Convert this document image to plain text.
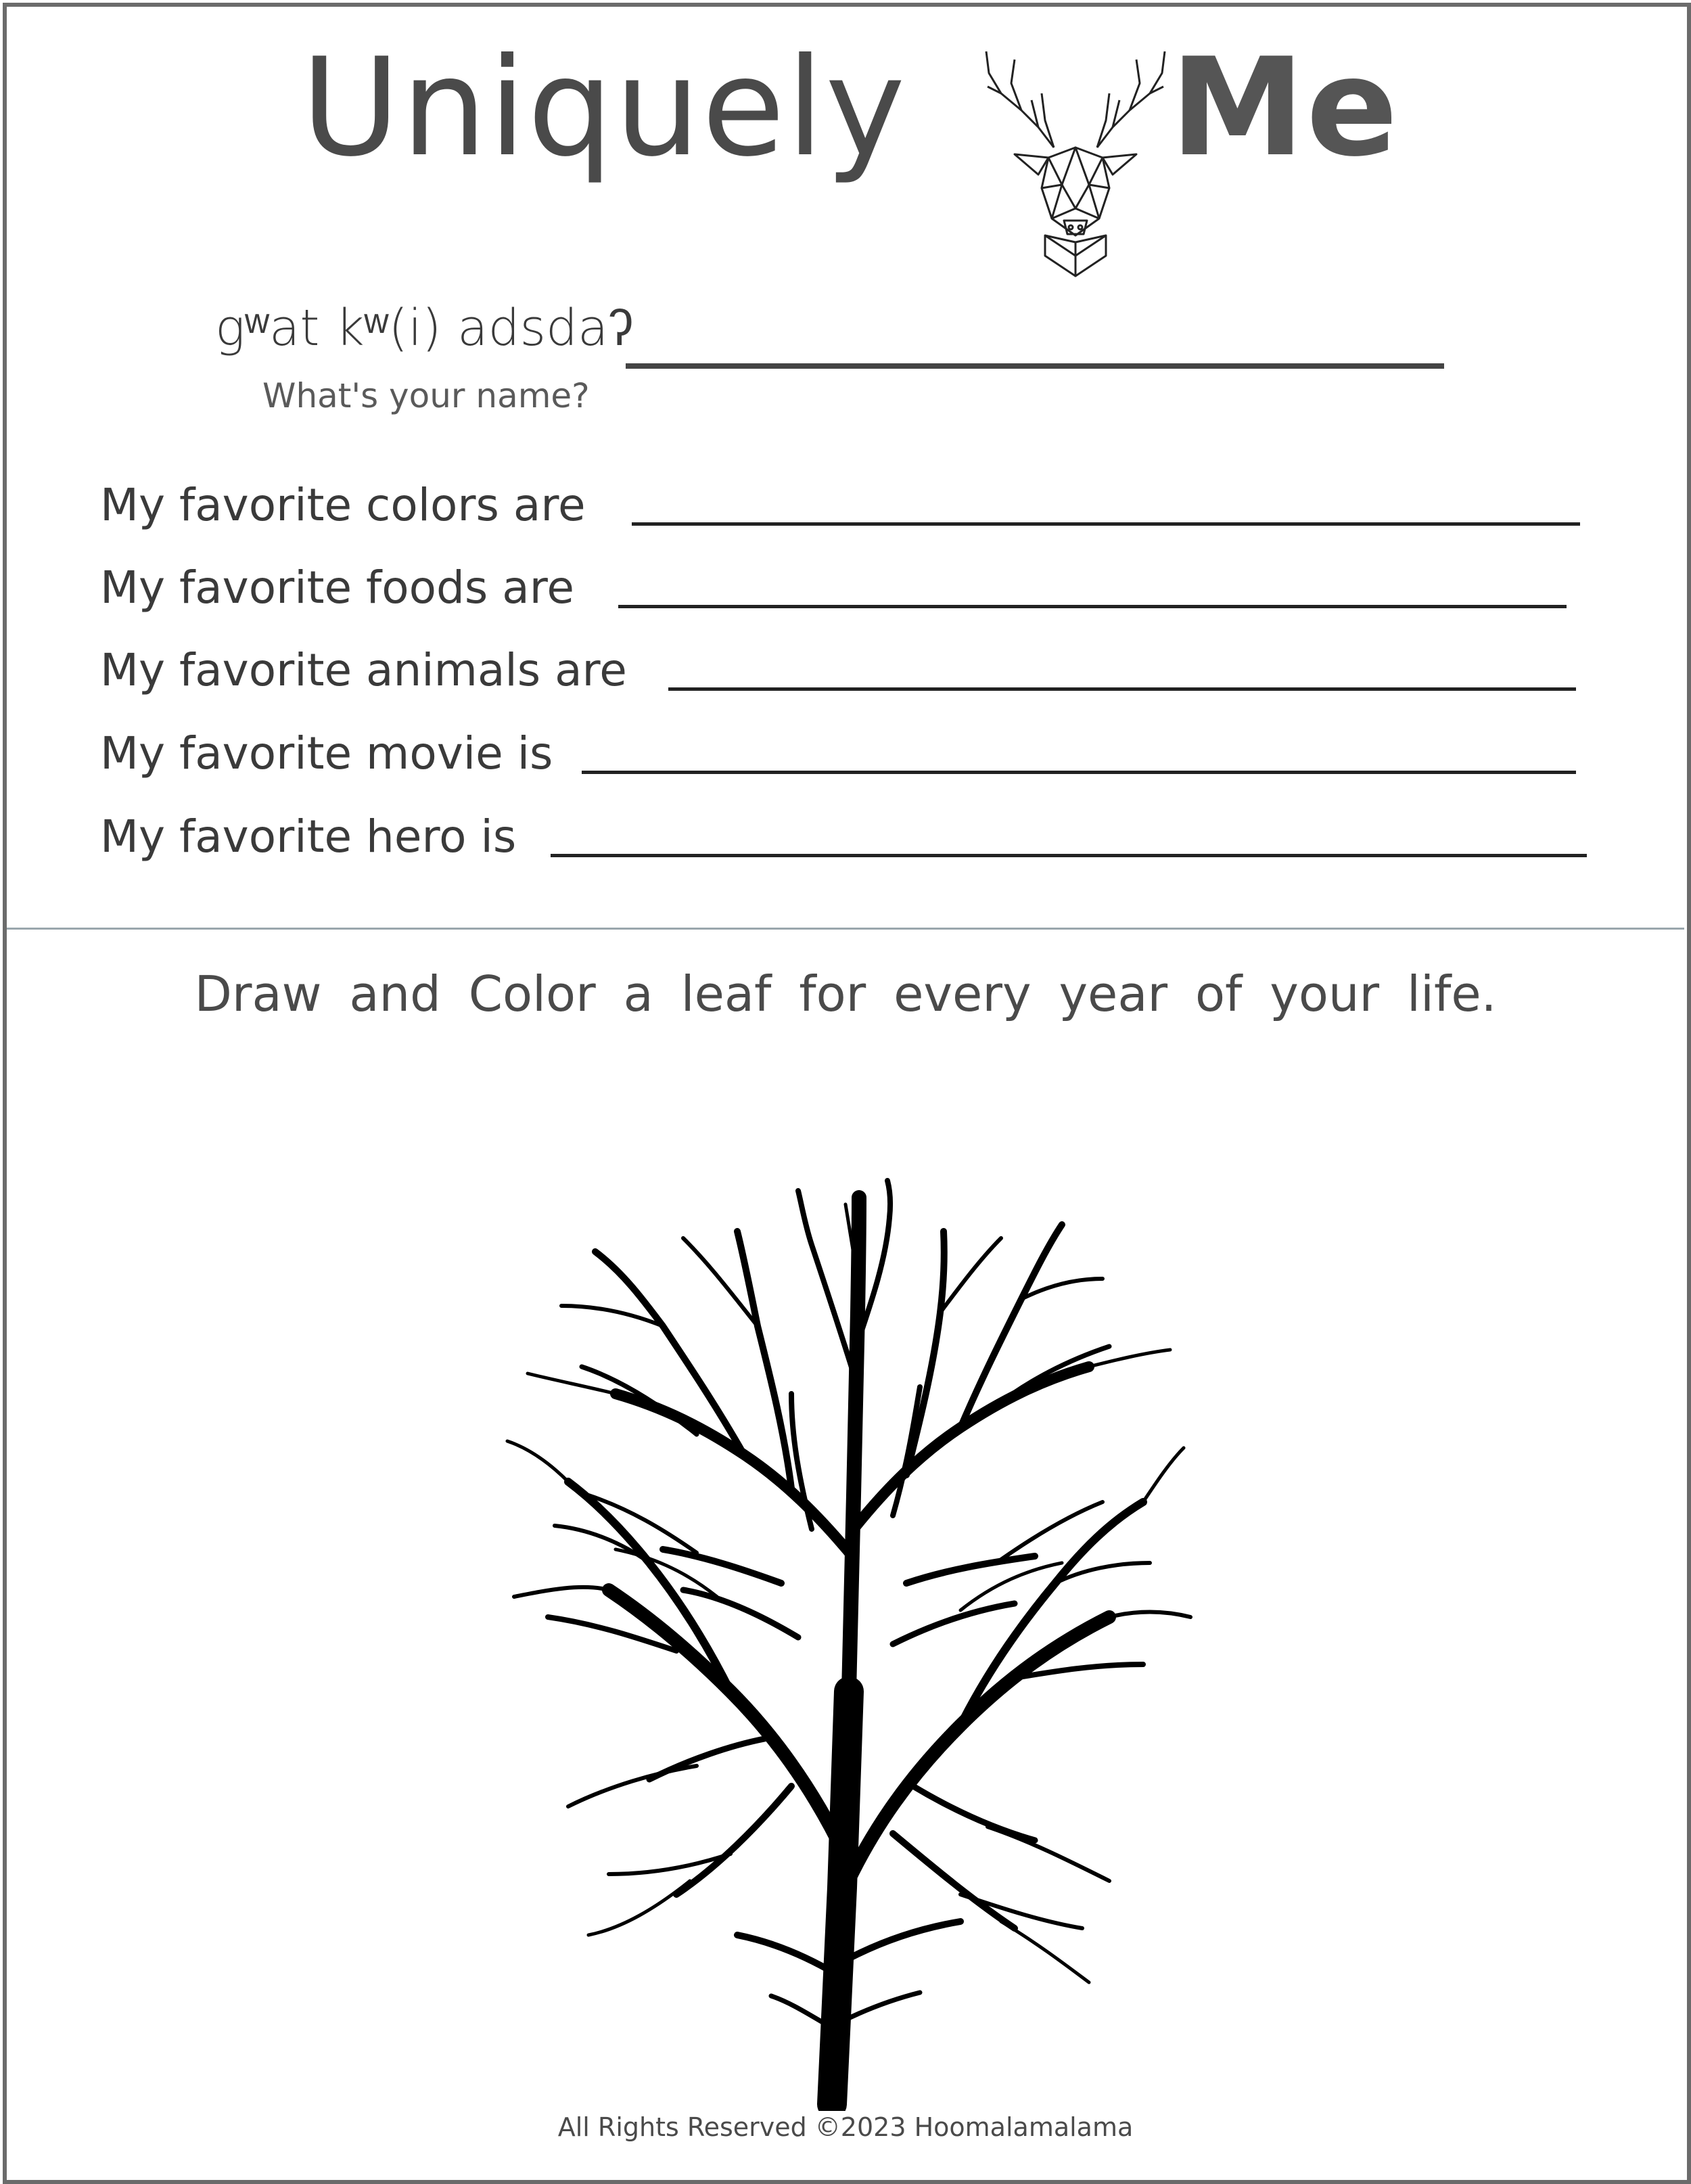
Uniquely Me
gʷat kʷ(i) adsdaʔ
What's your name?
My favorite colors are
My favorite foods are
My favorite animals are
My favorite movie is
My favorite hero is
Draw and Color a leaf for every year of your life.
All Rights Reserved ©2023 Hoomalamalama
